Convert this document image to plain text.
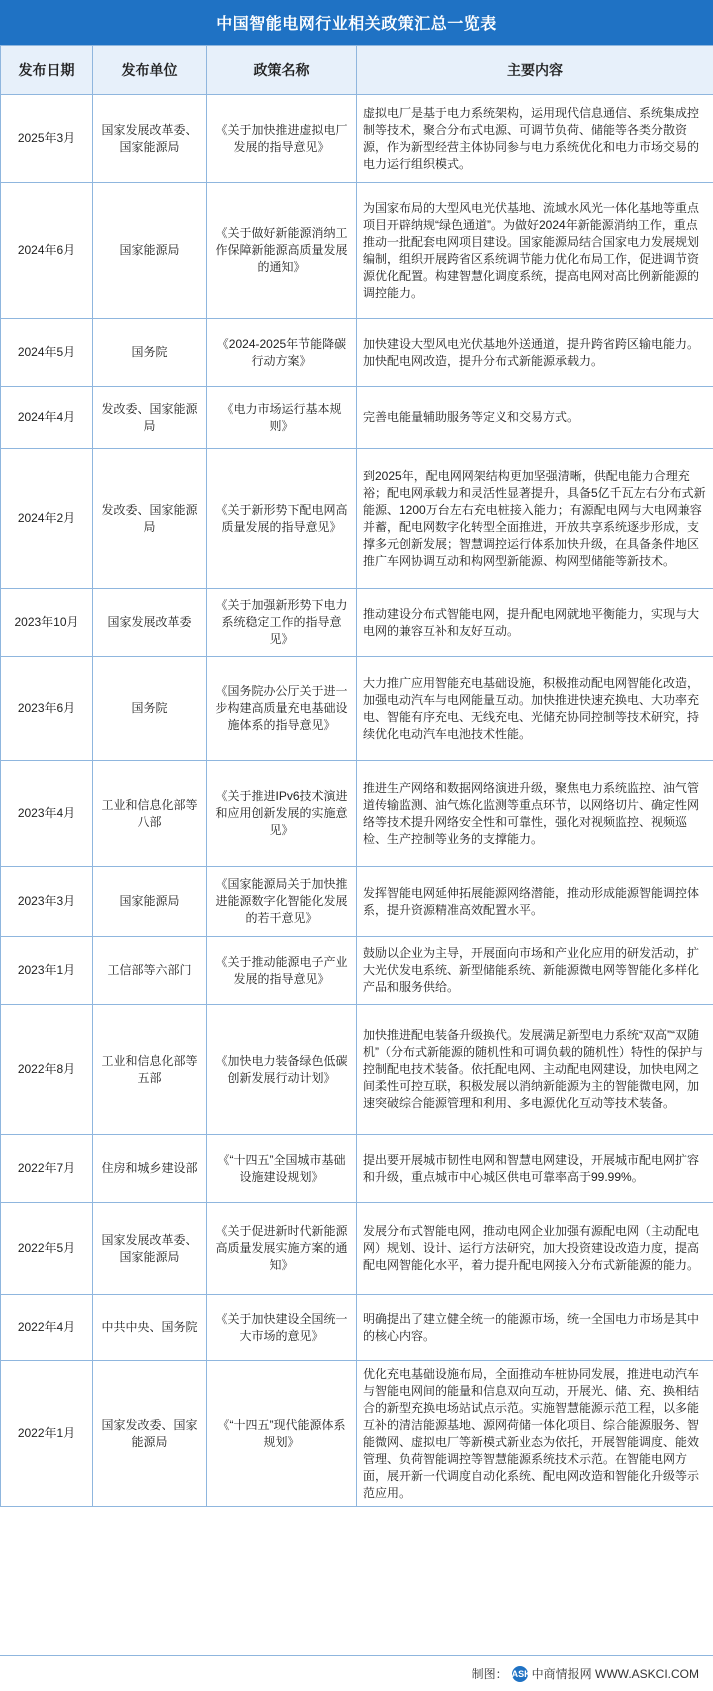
中国智能电网行业相关政策汇总一览表
发布日期	发布单位	政策名称	主要内容
2025年3月	国家发展改革委、国家能源局	《关于加快推进虚拟电厂发展的指导意见》	虚拟电厂是基于电力系统架构，运用现代信息通信、系统集成控制等技术，聚合分布式电源、可调节负荷、储能等各类分散资源，作为新型经营主体协同参与电力系统优化和电力市场交易的电力运行组织模式。
2024年6月	国家能源局	《关于做好新能源消纳工作保障新能源高质量发展的通知》	为国家布局的大型风电光伏基地、流域水风光一体化基地等重点项目开辟纳规“绿色通道”。为做好2024年新能源消纳工作，重点推动一批配套电网项目建设。国家能源局结合国家电力发展规划编制，组织开展跨省区系统调节能力优化布局工作，促进调节资源优化配置。构建智慧化调度系统，提高电网对高比例新能源的调控能力。
2024年5月	国务院	《2024-2025年节能降碳行动方案》	加快建设大型风电光伏基地外送通道，提升跨省跨区输电能力。加快配电网改造，提升分布式新能源承载力。
2024年4月	发改委、国家能源局	《电力市场运行基本规则》	完善电能量辅助服务等定义和交易方式。
2024年2月	发改委、国家能源局	《关于新形势下配电网高质量发展的指导意见》	到2025年，配电网网架结构更加坚强清晰，供配电能力合理充裕；配电网承载力和灵活性显著提升，具备5亿千瓦左右分布式新能源、1200万台左右充电桩接入能力；有源配电网与大电网兼容并蓄，配电网数字化转型全面推进，开放共享系统逐步形成，支撑多元创新发展；智慧调控运行体系加快升级，在具备条件地区推广车网协调互动和构网型新能源、构网型储能等新技术。
2023年10月	国家发展改革委	《关于加强新形势下电力系统稳定工作的指导意见》	推动建设分布式智能电网，提升配电网就地平衡能力，实现与大电网的兼容互补和友好互动。
2023年6月	国务院	《国务院办公厅关于进一步构建高质量充电基础设施体系的指导意见》	大力推广应用智能充电基础设施，积极推动配电网智能化改造，加强电动汽车与电网能量互动。加快推进快速充换电、大功率充电、智能有序充电、无线充电、光储充协同控制等技术研究，持续优化电动汽车电池技术性能。
2023年4月	工业和信息化部等八部	《关于推进IPv6技术演进和应用创新发展的实施意见》	推进生产网络和数据网络演进升级，聚焦电力系统监控、油气管道传输监测、油气炼化监测等重点环节，以网络切片、确定性网络等技术提升网络安全性和可靠性，强化对视频监控、视频巡检、生产控制等业务的支撑能力。
2023年3月	国家能源局	《国家能源局关于加快推进能源数字化智能化发展的若干意见》	发挥智能电网延伸拓展能源网络潜能，推动形成能源智能调控体系，提升资源精准高效配置水平。
2023年1月	工信部等六部门	《关于推动能源电子产业发展的指导意见》	鼓励以企业为主导，开展面向市场和产业化应用的研发活动，扩大光伏发电系统、新型储能系统、新能源微电网等智能化多样化产品和服务供给。
2022年8月	工业和信息化部等五部	《加快电力装备绿色低碳创新发展行动计划》	加快推进配电装备升级换代。发展满足新型电力系统“双高”“双随机”（分布式新能源的随机性和可调负载的随机性）特性的保护与控制配电技术装备。依托配电网、主动配电网建设，加快电网之间柔性可控互联，积极发展以消纳新能源为主的智能微电网，加速突破综合能源管理和利用、多电源优化互动等技术装备。
2022年7月	住房和城乡建设部	《“十四五”全国城市基础设施建设规划》	提出要开展城市韧性电网和智慧电网建设，开展城市配电网扩容和升级，重点城市中心城区供电可靠率高于99.99%。
2022年5月	国家发展改革委、国家能源局	《关于促进新时代新能源高质量发展实施方案的通知》	发展分布式智能电网，推动电网企业加强有源配电网（主动配电网）规划、设计、运行方法研究，加大投资建设改造力度，提高配电网智能化水平，着力提升配电网接入分布式新能源的能力。
2022年4月	中共中央、国务院	《关于加快建设全国统一大市场的意见》	明确提出了建立健全统一的能源市场，统一全国电力市场是其中的核心内容。
2022年1月	国家发改委、国家能源局	《“十四五”现代能源体系规划》	优化充电基础设施布局，全面推动车桩协同发展，推进电动汽车与智能电网间的能量和信息双向互动，开展光、储、充、换相结合的新型充换电场站试点示范。实施智慧能源示范工程，以多能互补的清洁能源基地、源网荷储一体化项目、综合能源服务、智能微网、虚拟电厂等新模式新业态为依托，开展智能调度、能效管理、负荷智能调控等智慧能源系统技术示范。在智能电网方面，展开新一代调度自动化系统、配电网改造和智能化升级等示范应用。
制图： ASKCI
中商情报网 WWW.ASKCI.COM
